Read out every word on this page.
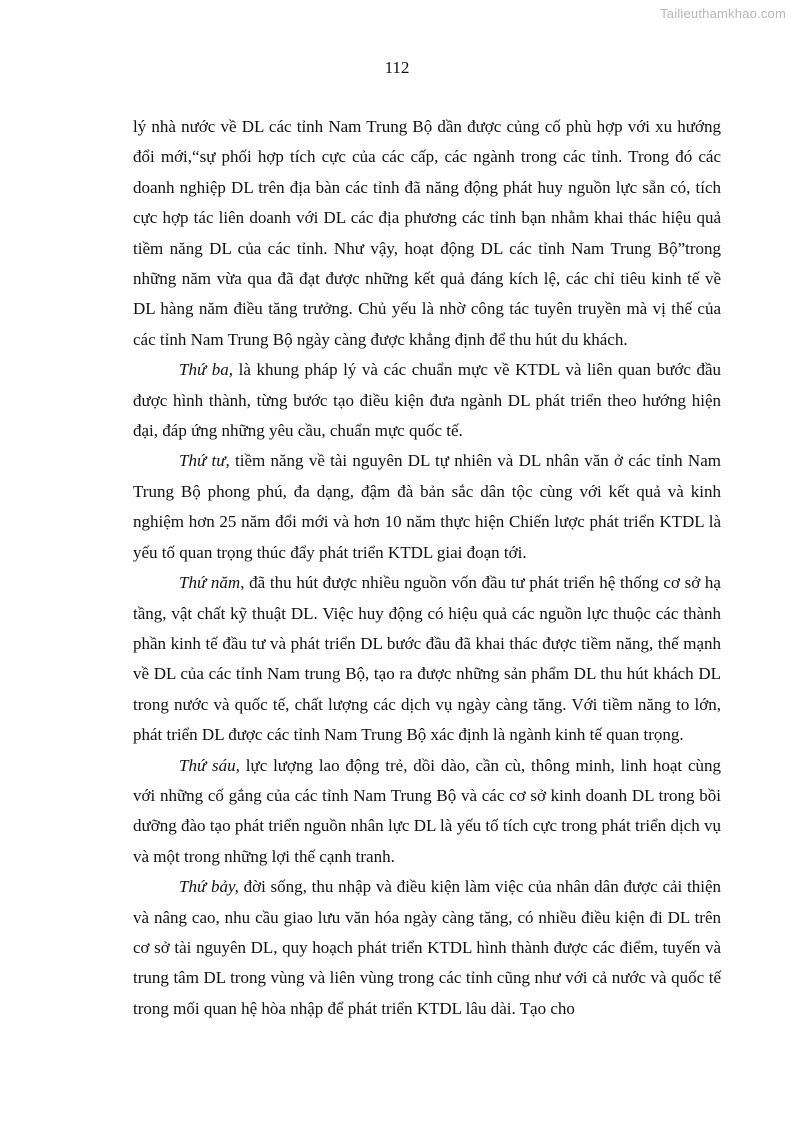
Tailieuthamkhao.com
112

lý nhà nước về DL các tỉnh Nam Trung Bộ dần được củng cố phù hợp với xu hướng đổi mới,“sự phối hợp tích cực của các cấp, các ngành trong các tỉnh. Trong đó các doanh nghiệp DL trên địa bàn các tỉnh đã năng động phát huy nguồn lực sẵn có, tích cực hợp tác liên doanh với DL các địa phương các tỉnh bạn nhằm khai thác hiệu quả tiềm năng DL của các tỉnh. Như vậy, hoạt động DL các tỉnh Nam Trung Bộ”trong những năm vừa qua đã đạt được những kết quả đáng kích lệ, các chỉ tiêu kinh tế về DL hàng năm điều tăng trưởng. Chủ yếu là nhờ công tác tuyên truyền mà vị thế của các tỉnh Nam Trung Bộ ngày càng được khẳng định để thu hút du khách.

Thứ ba, là khung pháp lý và các chuẩn mực về KTDL và liên quan bước đầu được hình thành, từng bước tạo điều kiện đưa ngành DL phát triển theo hướng hiện đại, đáp ứng những yêu cầu, chuẩn mực quốc tế.

Thứ tư, tiềm năng về tài nguyên DL tự nhiên và DL nhân văn ở các tỉnh Nam Trung Bộ phong phú, đa dạng, đậm đà bản sắc dân tộc cùng với kết quả và kinh nghiệm hơn 25 năm đổi mới và hơn 10 năm thực hiện Chiến lược phát triển KTDL là yếu tố quan trọng thúc đẩy phát triển KTDL giai đoạn tới.

Thứ năm, đã thu hút được nhiều nguồn vốn đầu tư phát triển hệ thống cơ sở hạ tầng, vật chất kỹ thuật DL. Việc huy động có hiệu quả các nguồn lực thuộc các thành phần kinh tế đầu tư và phát triển DL bước đầu đã khai thác được tiềm năng, thế mạnh về DL của các tỉnh Nam trung Bộ, tạo ra được những sản phẩm DL thu hút khách DL trong nước và quốc tế, chất lượng các dịch vụ ngày càng tăng. Với tiềm năng to lớn, phát triển DL được các tỉnh Nam Trung Bộ xác định là ngành kinh tế quan trọng.

Thứ sáu, lực lượng lao động trẻ, dồi dào, cần cù, thông minh, linh hoạt cùng với những cố gắng của các tỉnh Nam Trung Bộ và các cơ sở kinh doanh DL trong bồi dưỡng đào tạo phát triển nguồn nhân lực DL là yếu tố tích cực trong phát triển dịch vụ và một trong những lợi thế cạnh tranh.

Thứ bảy, đời sống, thu nhập và điều kiện làm việc của nhân dân được cải thiện và nâng cao, nhu cầu giao lưu văn hóa ngày càng tăng, có nhiều điều kiện đi DL trên cơ sở tài nguyên DL, quy hoạch phát triển KTDL hình thành được các điểm, tuyến và trung tâm DL trong vùng và liên vùng trong các tỉnh cũng như với cả nước và quốc tế trong mối quan hệ hòa nhập để phát triển KTDL lâu dài. Tạo cho
